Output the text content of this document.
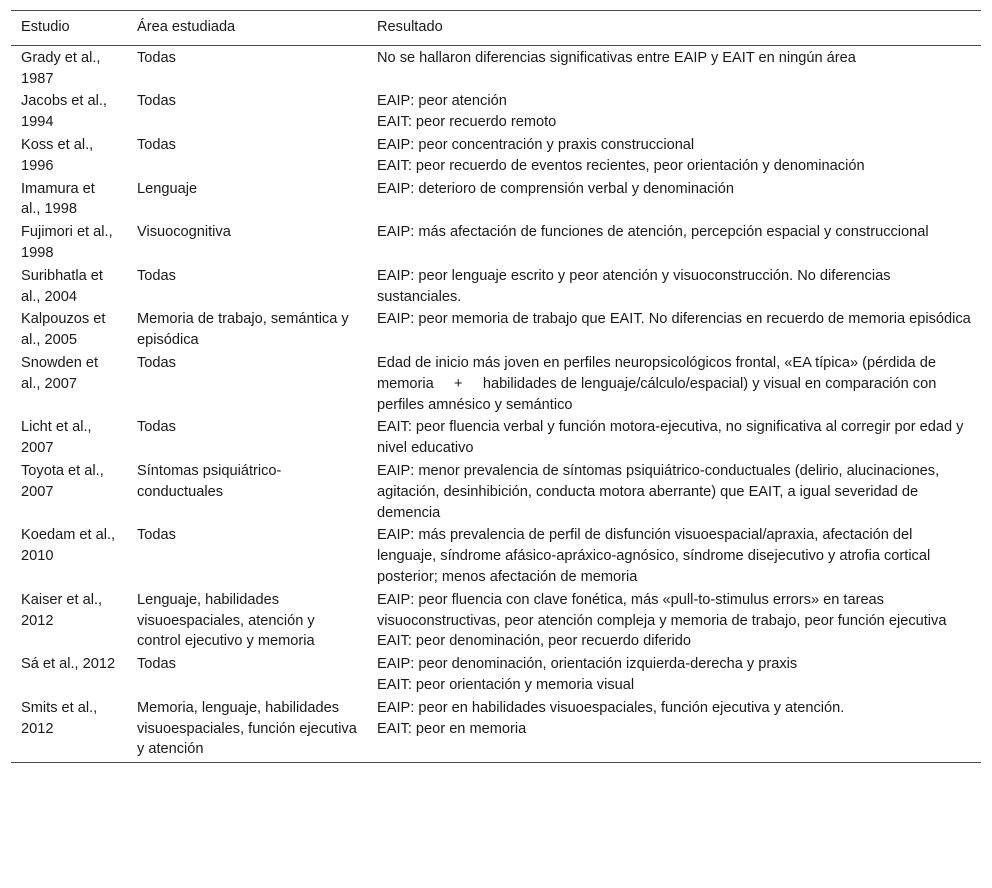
Estudio	Área estudiada	Resultado
Grady et al., 1987	Todas	No se hallaron diferencias significativas entre EAIP y EAIT en ningún área

Jacobs et al., 1994	Todas	EAIP: peor atención
EAIT: peor recuerdo remoto

Koss et al., 1996	Todas	EAIP: peor concentración y praxis construccional
EAIT: peor recuerdo de eventos recientes, peor orientación y denominación

Imamura et al., 1998	Lenguaje	EAIP: deterioro de comprensión verbal y denominación

Fujimori et al., 1998	Visuocognitiva	EAIP: más afectación de funciones de atención, percepción espacial y construccional

Suribhatla et al., 2004	Todas	EAIP: peor lenguaje escrito y peor atención y visuoconstrucción. No diferencias sustanciales.

Kalpouzos et al., 2005	Memoria de trabajo, semántica y episódica	EAIP: peor memoria de trabajo que EAIT. No diferencias en recuerdo de memoria episódica

Snowden et al., 2007	Todas	Edad de inicio más joven en perfiles neuropsicológicos frontal, «EA típica» (pérdida de memoria     +     habilidades de lenguaje/cálculo/espacial) y visual en comparación con perfiles amnésico y semántico

Licht et al., 2007	Todas	EAIT: peor fluencia verbal y función motora-ejecutiva, no significativa al corregir por edad y nivel educativo

Toyota et al., 2007	Síntomas psiquiátrico-conductuales	EAIP: menor prevalencia de síntomas psiquiátrico-conductuales (delirio, alucinaciones, agitación, desinhibición, conducta motora aberrante) que EAIT, a igual severidad de demencia

Koedam et al., 2010	Todas	EAIP: más prevalencia de perfil de disfunción visuoespacial/apraxia, afectación del lenguaje, síndrome afásico-apráxico-agnósico, síndrome disejecutivo y atrofia cortical posterior; menos afectación de memoria

Kaiser et al., 2012	Lenguaje, habilidades visuoespaciales, atención y control ejecutivo y memoria	EAIP: peor fluencia con clave fonética, más «pull-to-stimulus errors» en tareas visuoconstructivas, peor atención compleja y memoria de trabajo, peor función ejecutiva
EAIT: peor denominación, peor recuerdo diferido

Sá et al., 2012	Todas	EAIP: peor denominación, orientación izquierda-derecha y praxis
EAIT: peor orientación y memoria visual

Smits et al., 2012	Memoria, lenguaje, habilidades visuoespaciales, función ejecutiva y atención	EAIP: peor en habilidades visuoespaciales, función ejecutiva y atención.
EAIT: peor en memoria
